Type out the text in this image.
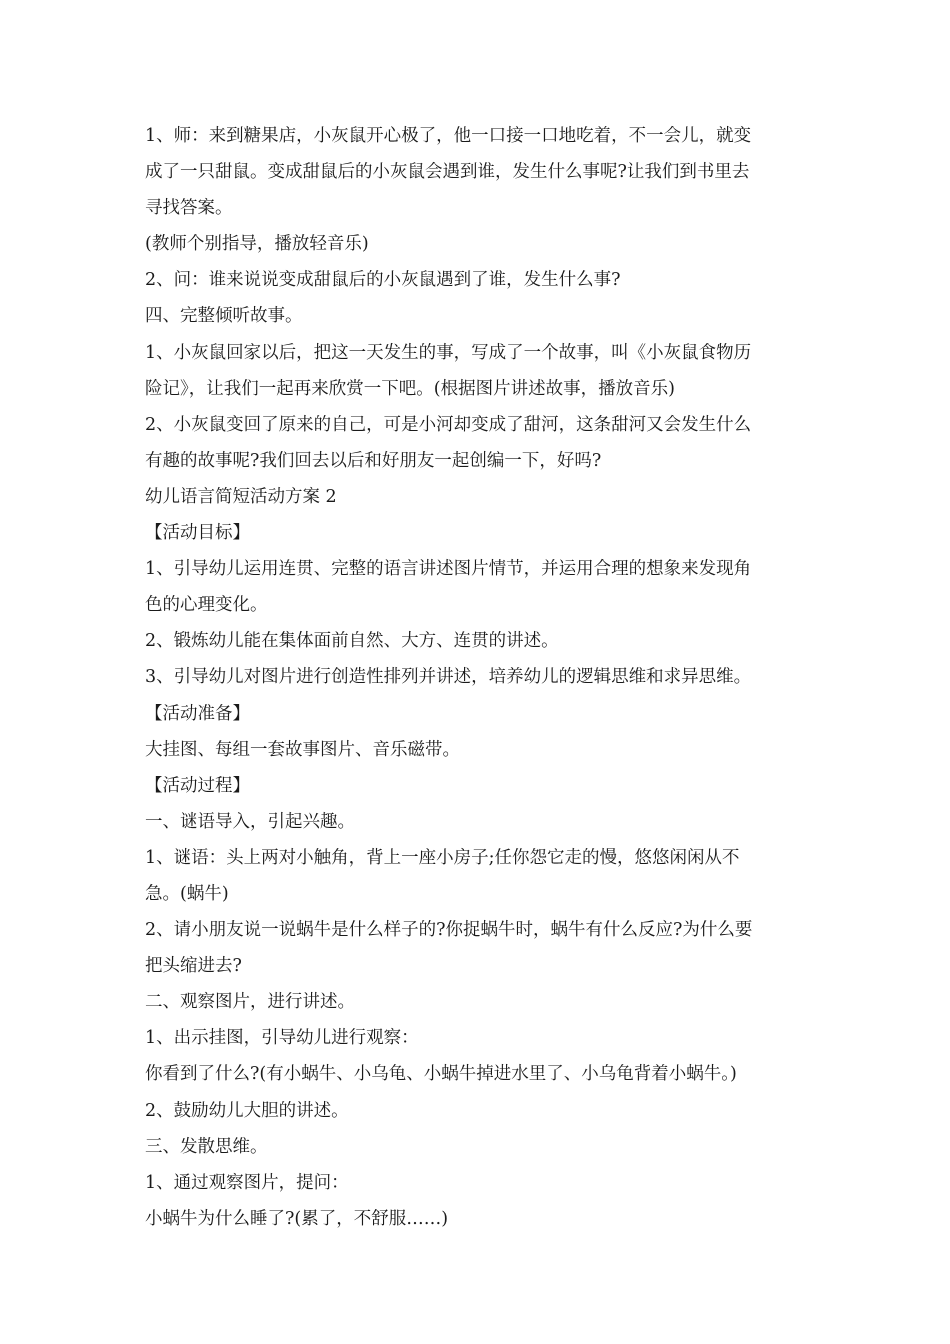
1、师：来到糖果店，小灰鼠开心极了，他一口接一口地吃着，不一会儿，就变
成了一只甜鼠。变成甜鼠后的小灰鼠会遇到谁，发生什么事呢?让我们到书里去
寻找答案。
(教师个别指导，播放轻音乐)
2、问：谁来说说变成甜鼠后的小灰鼠遇到了谁，发生什么事?
四、完整倾听故事。
1、小灰鼠回家以后，把这一天发生的事，写成了一个故事，叫《小灰鼠食物历
险记》，让我们一起再来欣赏一下吧。(根据图片讲述故事，播放音乐)
2、小灰鼠变回了原来的自己，可是小河却变成了甜河，这条甜河又会发生什么
有趣的故事呢?我们回去以后和好朋友一起创编一下，好吗?
幼儿语言简短活动方案 2
【活动目标】
1、引导幼儿运用连贯、完整的语言讲述图片情节，并运用合理的想象来发现角
色的心理变化。
2、锻炼幼儿能在集体面前自然、大方、连贯的讲述。
3、引导幼儿对图片进行创造性排列并讲述，培养幼儿的逻辑思维和求异思维。
【活动准备】
大挂图、每组一套故事图片、音乐磁带。
【活动过程】
一、谜语导入，引起兴趣。
1、谜语：头上两对小触角，背上一座小房子;任你怨它走的慢，悠悠闲闲从不
急。(蜗牛)
2、请小朋友说一说蜗牛是什么样子的?你捉蜗牛时，蜗牛有什么反应?为什么要
把头缩进去?
二、观察图片，进行讲述。
1、出示挂图，引导幼儿进行观察：
你看到了什么?(有小蜗牛、小乌龟、小蜗牛掉进水里了、小乌龟背着小蜗牛。)
2、鼓励幼儿大胆的讲述。
三、发散思维。
1、通过观察图片，提问：
小蜗牛为什么睡了?(累了，不舒服……)
